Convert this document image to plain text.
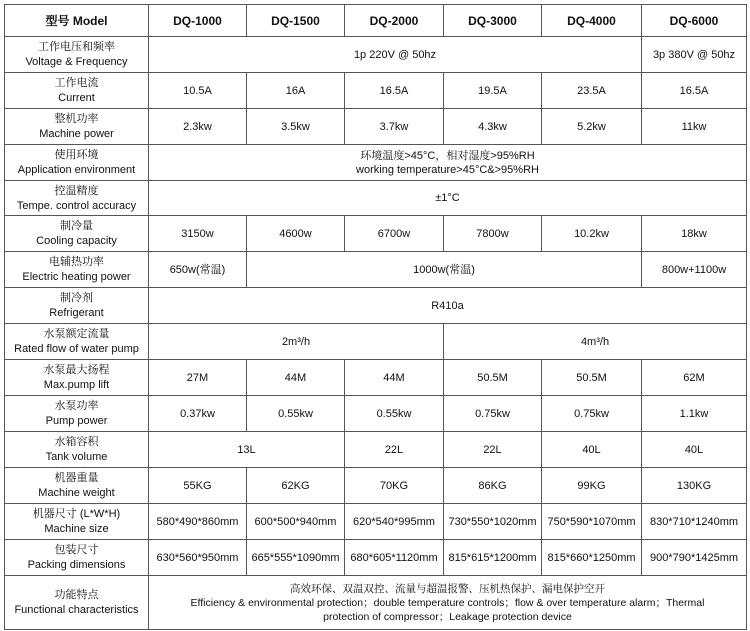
型号 Model	DQ-1000	DQ-1500	DQ-2000	DQ-3000	DQ-4000	DQ-6000

工作电压和频率
Voltage & Frequency	1p 220V @ 50hz					3p 380V @ 50hz

工作电流
Current	10.5A	16A	16.5A	19.5A	23.5A	16.5A

整机功率
Machine power	2.3kw	3.5kw	3.7kw	4.3kw	5.2kw	11kw

使用环境
Application environment	环境温度>45°C，相对湿度>95%RH
working temperature>45°C&>95%RH					

控温精度
Tempe. control accuracy	±1°C					

制冷量
Cooling capacity	3150w	4600w	6700w	7800w	10.2kw	18kw

电辅热功率
Electric heating power	650w(常温)	1000w(常温)				800w+1100w

制冷剂
Refrigerant	R410a					

水泵额定流量
Rated flow of water pump	2m³/h			4m³/h		

水泵最大扬程
Max.pump lift	27M	44M	44M	50.5M	50.5M	62M

水泵功率
Pump power	0.37kw	0.55kw	0.55kw	0.75kw	0.75kw	1.1kw

水箱容积
Tank volume	13L		22L	22L	40L	40L

机器重量
Machine weight	55KG	62KG	70KG	86KG	99KG	130KG

机器尺寸 (L*W*H)
Machine size	580*490*860mm	600*500*940mm	620*540*995mm	730*550*1020mm	750*590*1070mm	830*710*1240mm

包装尺寸
Packing dimensions	630*560*950mm	665*555*1090mm	680*605*1120mm	815*615*1200mm	815*660*1250mm	900*790*1425mm

功能特点
Functional characteristics	高效环保、双温双控、流量与超温报警、压机热保护、漏电保护空开
Efficiency & environmental protection；double temperature controls；flow & over temperature alarm；Thermal
protection of compressor；Leakage protection device					
